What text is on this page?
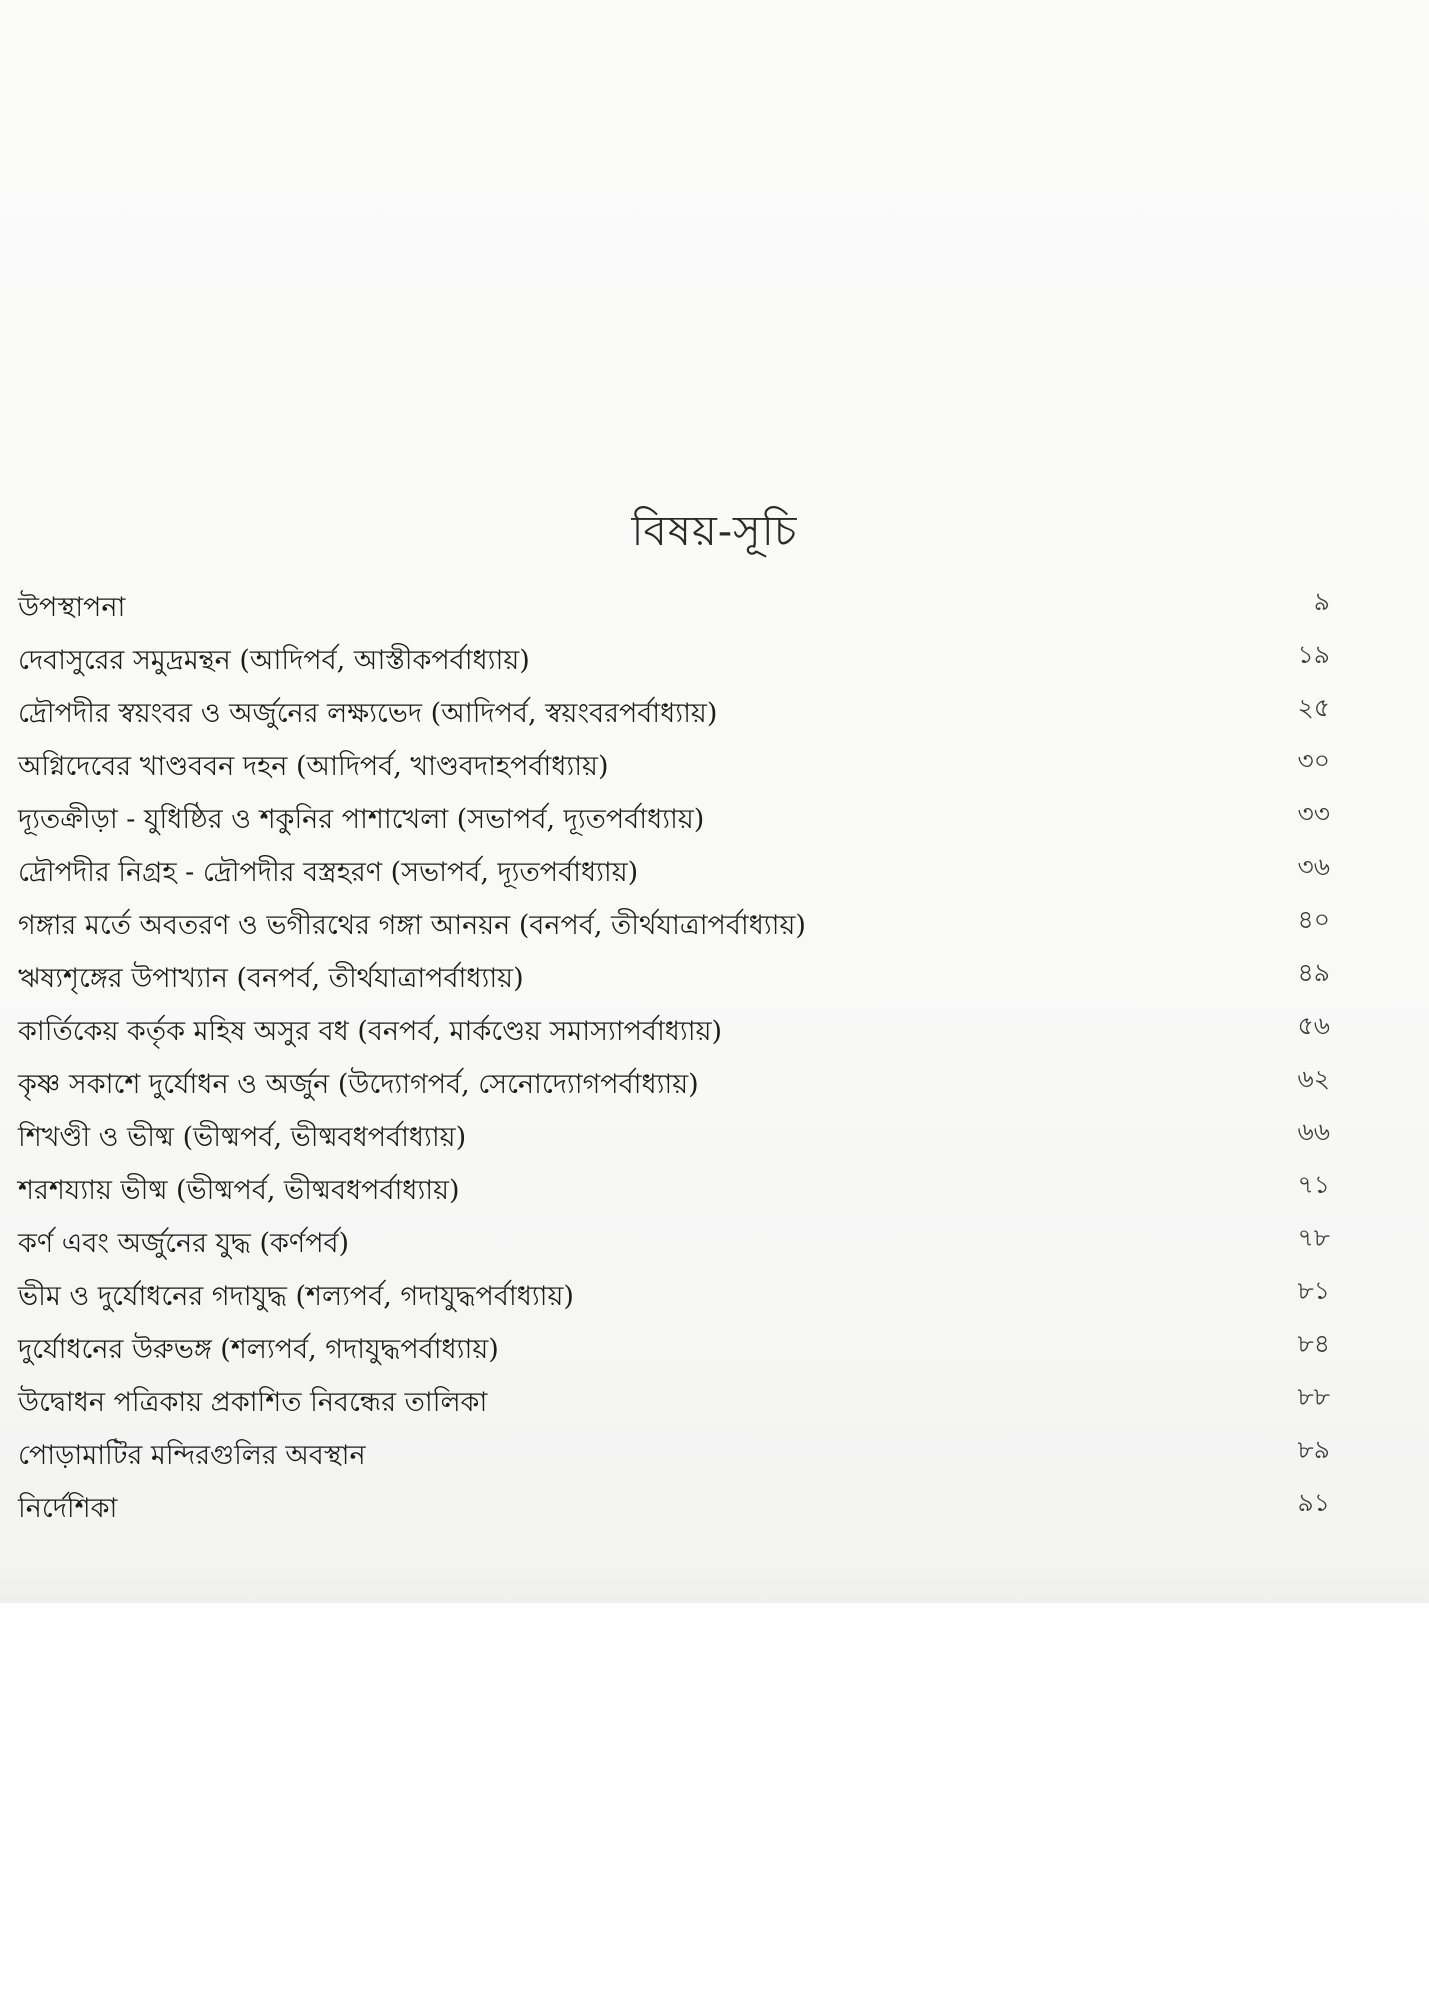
বিষয়-সূচি
উপস্থাপনা	৯
দেবাসুরের সমুদ্রমন্থন (আদিপর্ব, আস্তীকপর্বাধ্যায়)	১৯
দ্রৌপদীর স্বয়ংবর ও অর্জুনের লক্ষ্যভেদ (আদিপর্ব, স্বয়ংবরপর্বাধ্যায়)	২৫
অগ্নিদেবের খাণ্ডববন দহন (আদিপর্ব, খাণ্ডবদাহপর্বাধ্যায়)	৩০
দ্যূতক্রীড়া - যুধিষ্ঠির ও শকুনির পাশাখেলা (সভাপর্ব, দ্যূতপর্বাধ্যায়)	৩৩
দ্রৌপদীর নিগ্রহ - দ্রৌপদীর বস্ত্রহরণ (সভাপর্ব, দ্যূতপর্বাধ্যায়)	৩৬
গঙ্গার মর্তে অবতরণ ও ভগীরথের গঙ্গা আনয়ন (বনপর্ব, তীর্থযাত্রাপর্বাধ্যায়)	৪০
ঋষ্যশৃঙ্গের উপাখ্যান (বনপর্ব, তীর্থযাত্রাপর্বাধ্যায়)	৪৯
কার্তিকেয় কর্তৃক মহিষ অসুর বধ (বনপর্ব, মার্কণ্ডেয় সমাস্যাপর্বাধ্যায়)	৫৬
কৃষ্ণ সকাশে দুর্যোধন ও অর্জুন (উদ্যোগপর্ব, সেনোদ্যোগপর্বাধ্যায়)	৬২
শিখণ্ডী ও ভীষ্ম (ভীষ্মপর্ব, ভীষ্মবধপর্বাধ্যায়)	৬৬
শরশয্যায় ভীষ্ম (ভীষ্মপর্ব, ভীষ্মবধপর্বাধ্যায়)	৭১
কর্ণ এবং অর্জুনের যুদ্ধ (কর্ণপর্ব)	৭৮
ভীম ও দুর্যোধনের গদাযুদ্ধ (শল্যপর্ব, গদাযুদ্ধপর্বাধ্যায়)	৮১
দুর্যোধনের উরুভঙ্গ (শল্যপর্ব, গদাযুদ্ধপর্বাধ্যায়)	৮৪
উদ্বোধন পত্রিকায় প্রকাশিত নিবন্ধের তালিকা	৮৮
পোড়ামাটির মন্দিরগুলির অবস্থান	৮৯
নির্দেশিকা	৯১
